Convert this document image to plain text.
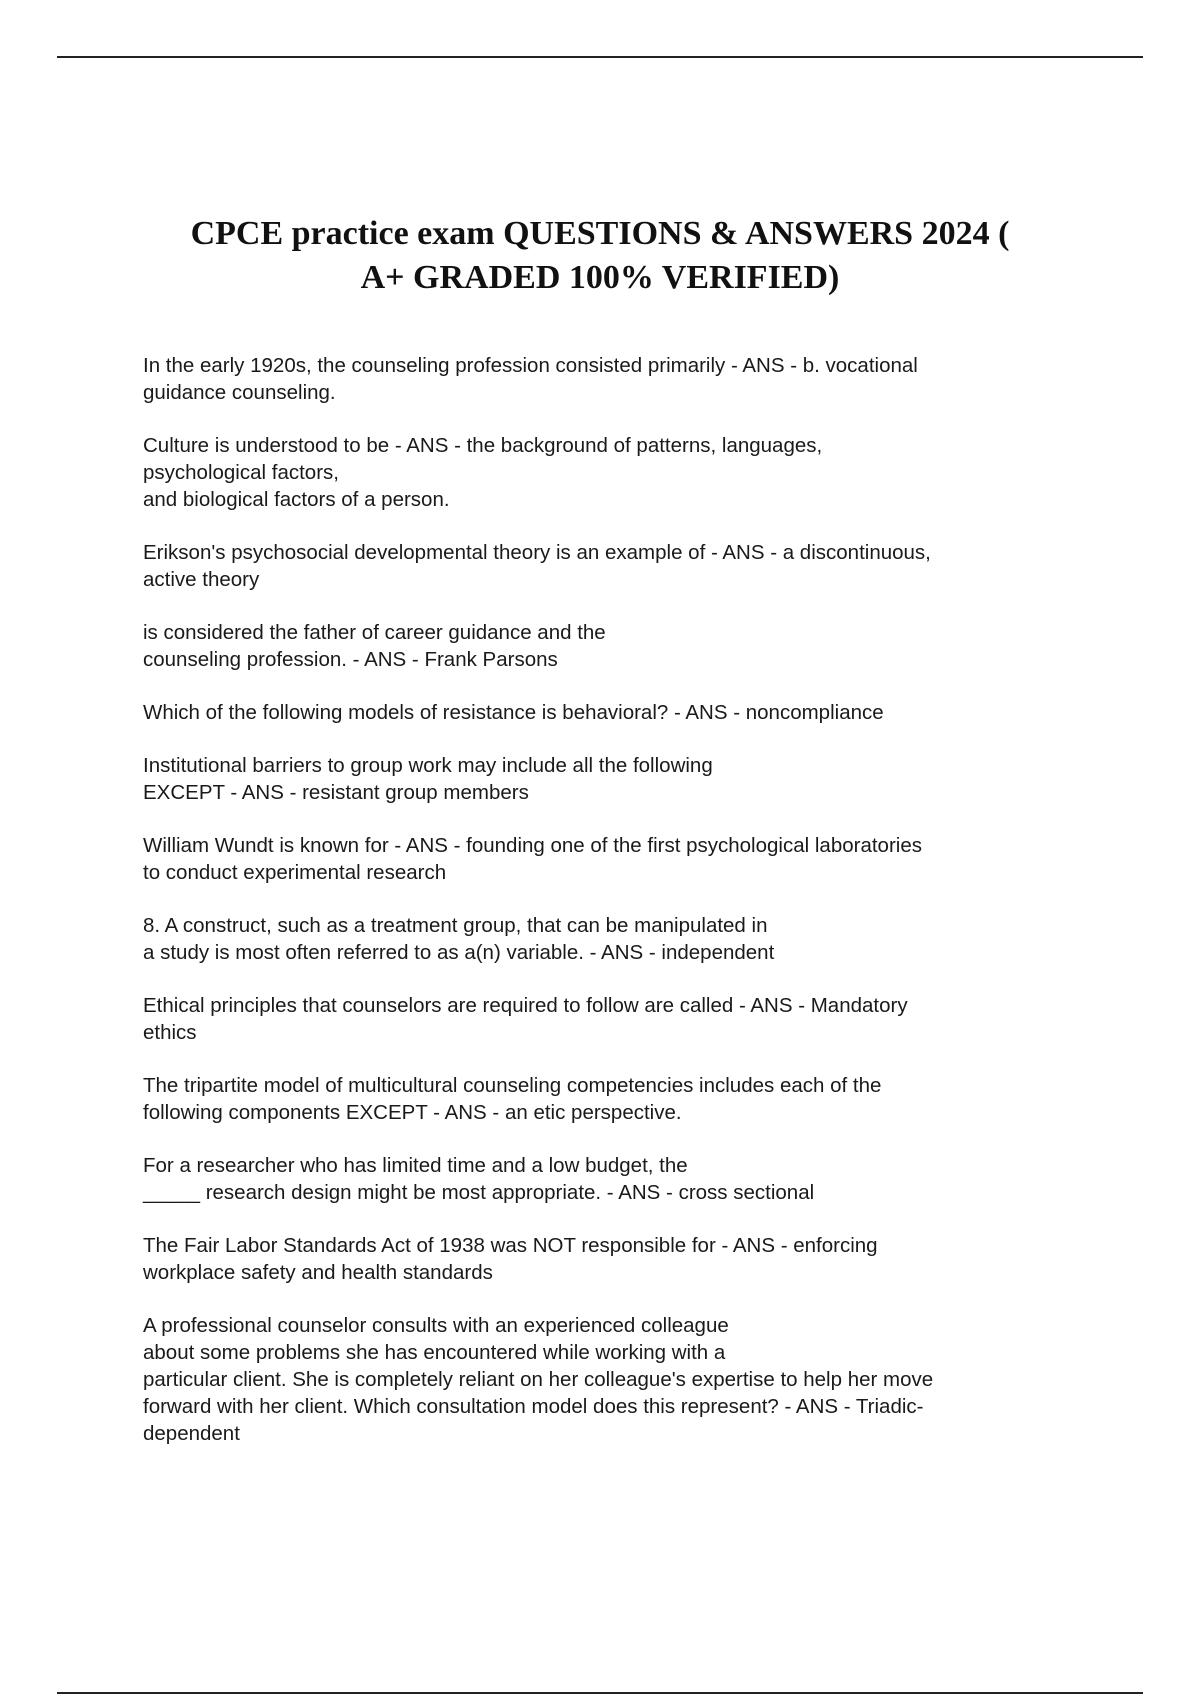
CPCE practice exam QUESTIONS & ANSWERS 2024 (
A+ GRADED 100% VERIFIED)
In the early 1920s, the counseling profession consisted primarily - ANS - b. vocational
guidance counseling.
Culture is understood to be - ANS - the background of patterns, languages,
psychological factors,
and biological factors of a person.
Erikson's psychosocial developmental theory is an example of - ANS - a discontinuous,
active theory
is considered the father of career guidance and the
counseling profession. - ANS - Frank Parsons
Which of the following models of resistance is behavioral? - ANS - noncompliance
Institutional barriers to group work may include all the following
EXCEPT - ANS - resistant group members
William Wundt is known for - ANS - founding one of the first psychological laboratories
to conduct experimental research
8. A construct, such as a treatment group, that can be manipulated in
a study is most often referred to as a(n) variable. - ANS - independent
Ethical principles that counselors are required to follow are called - ANS - Mandatory
ethics
The tripartite model of multicultural counseling competencies includes each of the
following components EXCEPT - ANS - an etic perspective.
For a researcher who has limited time and a low budget, the
_____ research design might be most appropriate. - ANS - cross sectional
The Fair Labor Standards Act of 1938 was NOT responsible for - ANS - enforcing
workplace safety and health standards
A professional counselor consults with an experienced colleague
about some problems she has encountered while working with a
particular client. She is completely reliant on her colleague's expertise to help her move
forward with her client. Which consultation model does this represent? - ANS - Triadic-
dependent
